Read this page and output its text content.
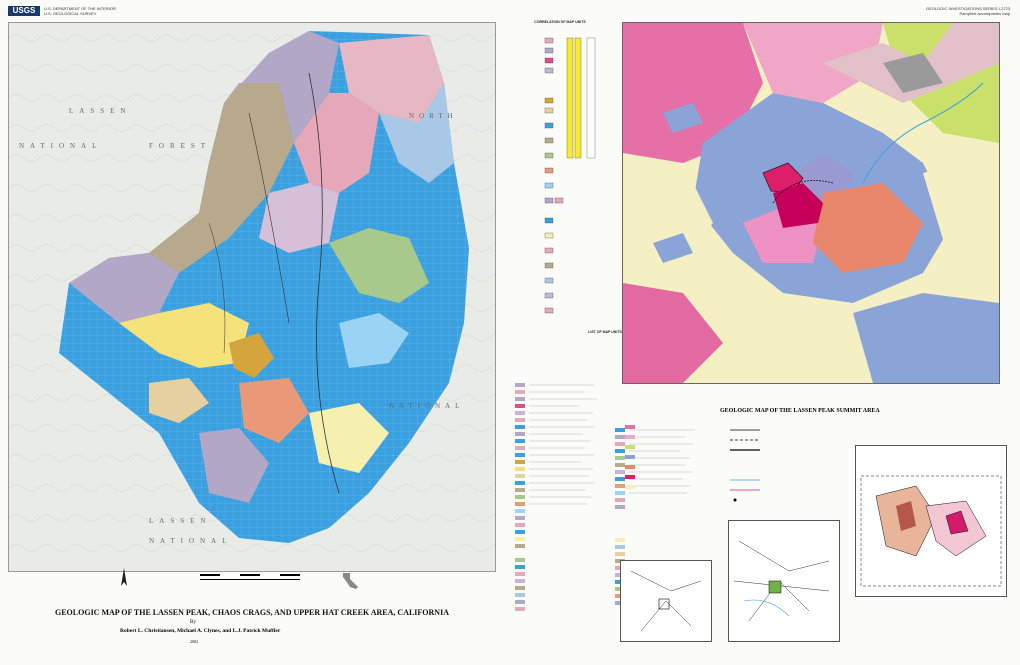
USGS	U.S. DEPARTMENT OF THE INTERIOR
U.S. GEOLOGICAL SURVEY
GEOLOGIC INVESTIGATIONS SERIES I-2723
Pamphlet accompanies map
LASSEN
NATIONAL	FOREST
NORTH
NATIONAL
LASSEN
NATIONAL
GEOLOGIC MAP OF THE LASSEN PEAK, CHAOS CRAGS, AND UPPER HAT CREEK AREA, CALIFORNIA
By
Robert L. Christiansen, Michael A. Clynes, and L.J. Patrick Muffler
2002
CORRELATION OF MAP UNITS
LIST OF MAP UNITS
GEOLOGIC MAP OF THE LASSEN PEAK SUMMIT AREA
